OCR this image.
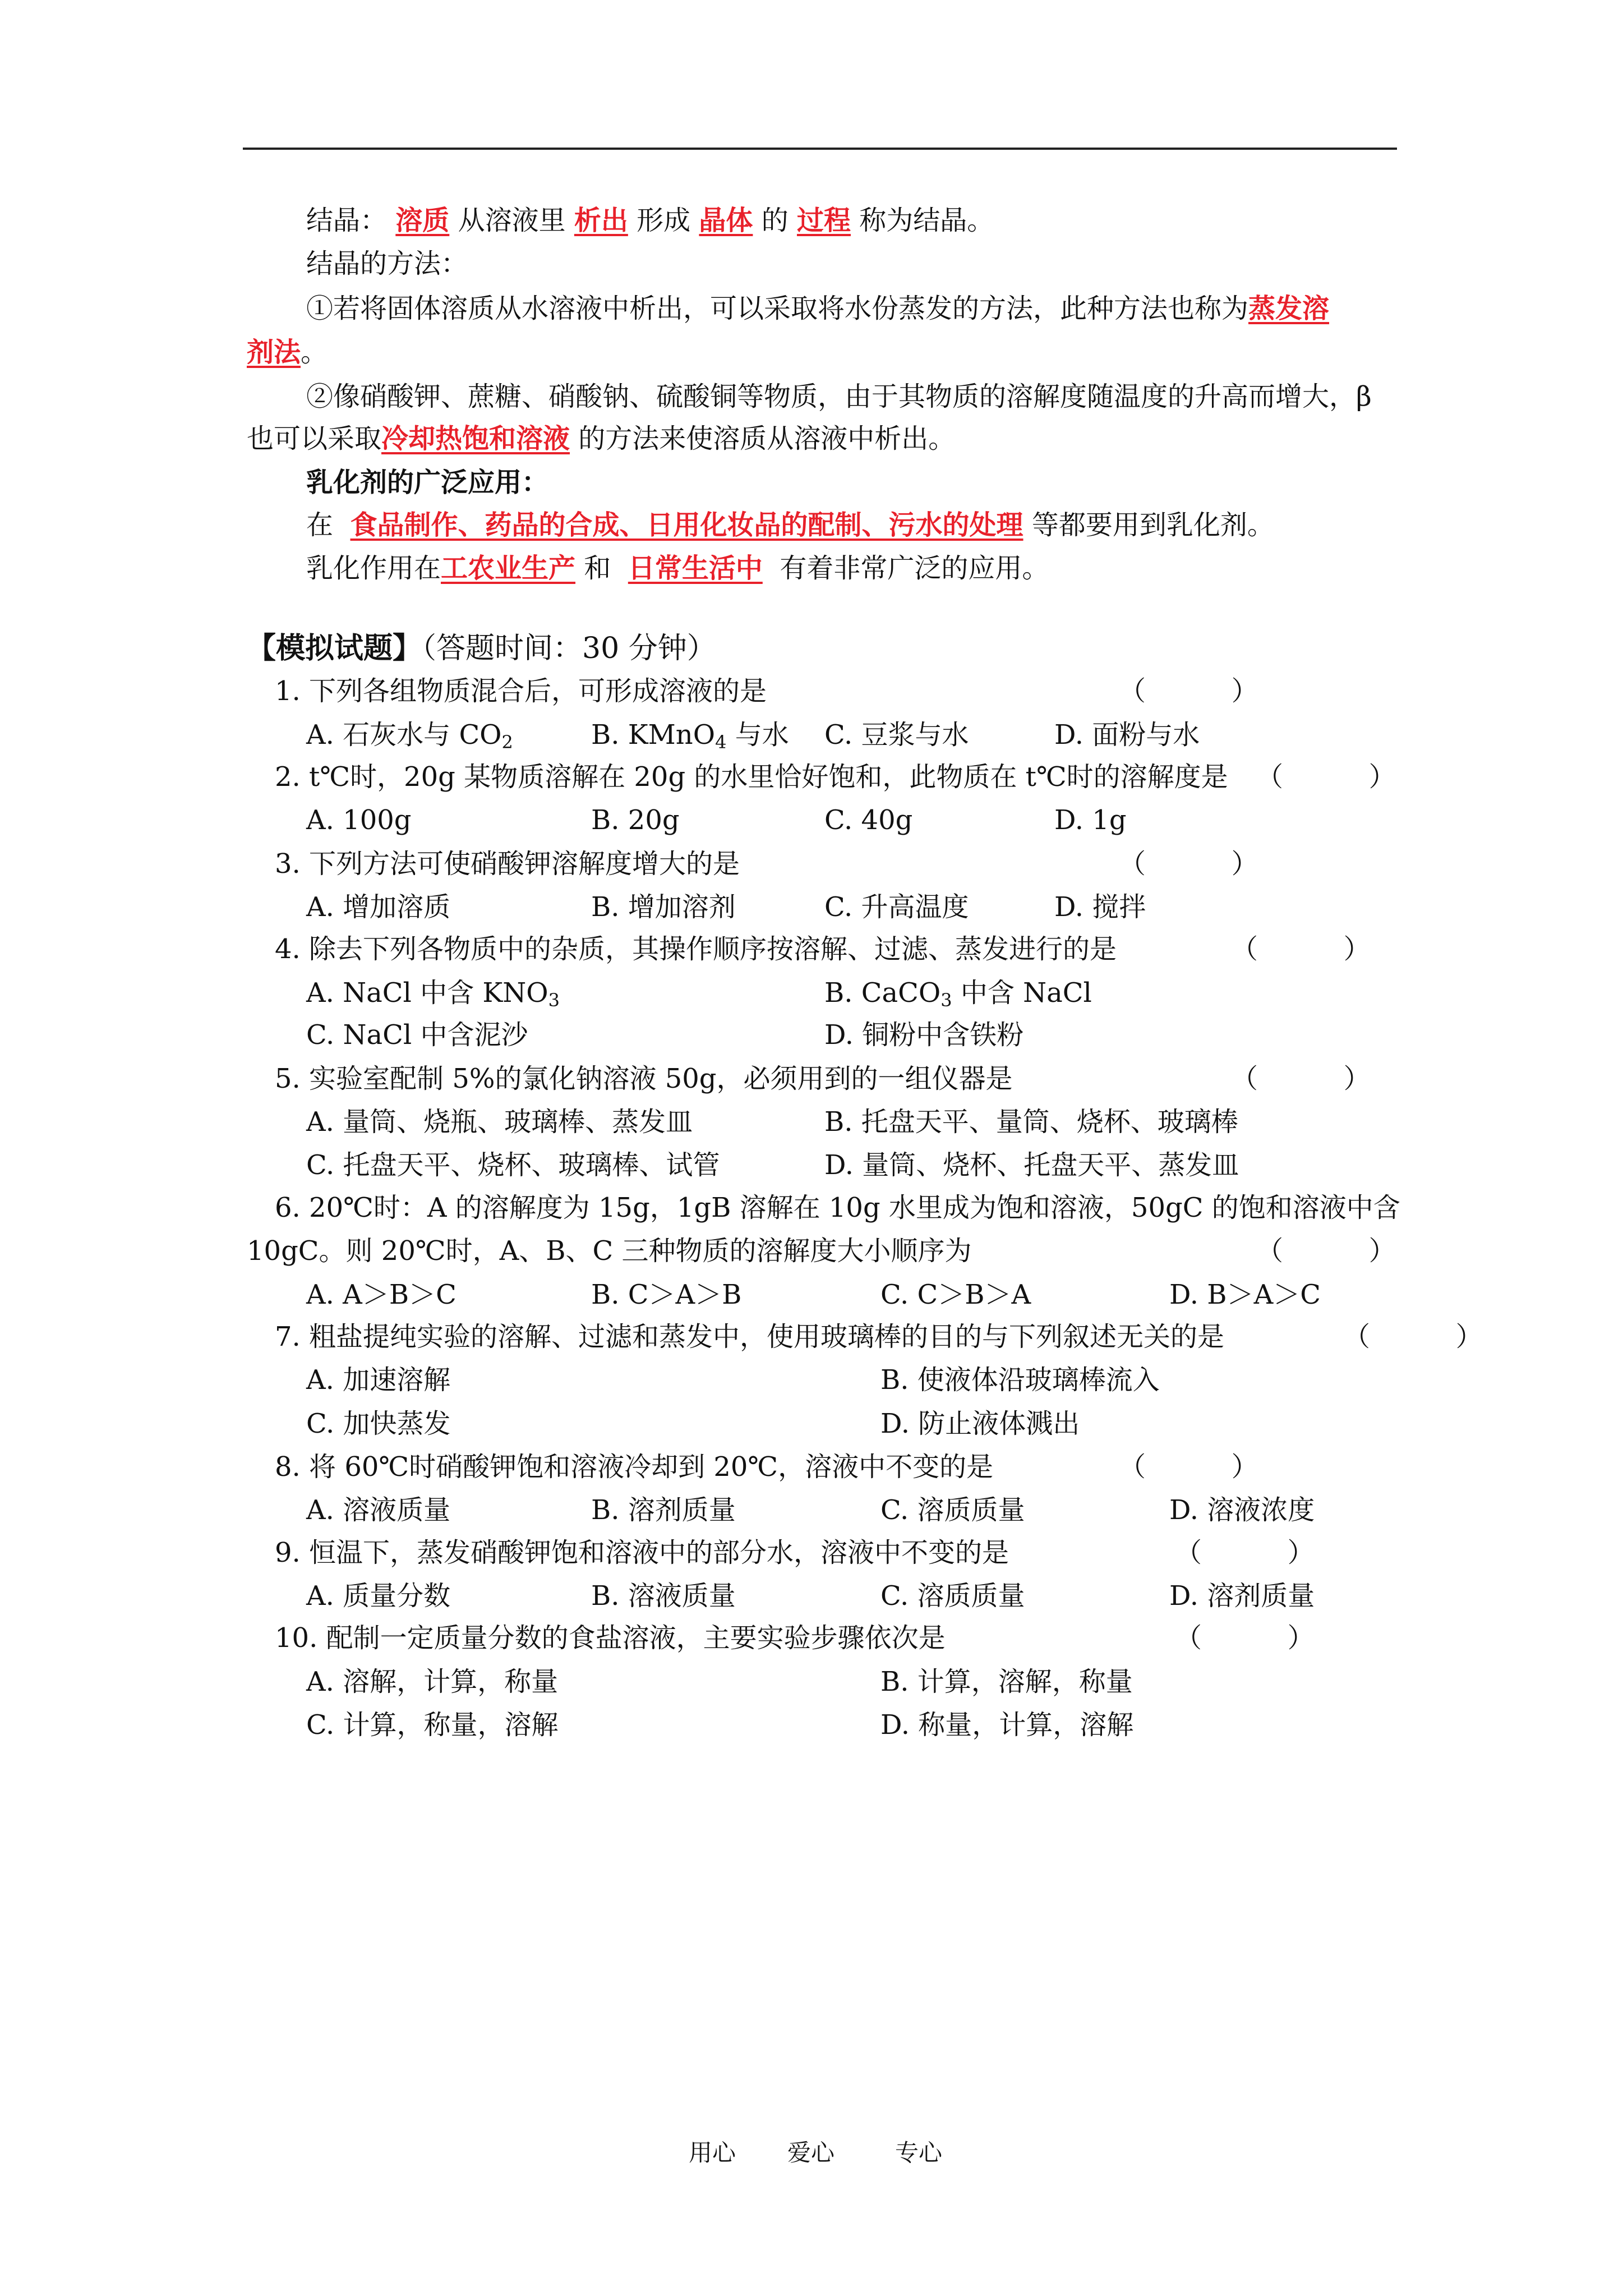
结晶： 溶质 从溶液里 析出 形成 晶体 的 过程 称为结晶。
结晶的方法：
①若将固体溶质从水溶液中析出，可以采取将水份蒸发的方法，此种方法也称为蒸发溶
剂法。
②像硝酸钾、蔗糖、硝酸钠、硫酸铜等物质，由于其物质的溶解度随温度的升高而增大，β
也可以采取冷却热饱和溶液 的方法来使溶质从溶液中析出。
乳化剂的广泛应用：
在 食品制作、药品的合成、日用化妆品的配制、污水的处理 等都要用到乳化剂。
乳化作用在工农业生产 和 日常生活中 有着非常广泛的应用。
【模拟试题】（答题时间：30 分钟）
1. 下列各组物质混合后，可形成溶液的是	（          ）
A. 石灰水与 $CO_2$	B. KMnO$_4$ 与水 C. 豆浆与水	D. 面粉与水
2. t℃时，20g 某物质溶解在 20g 的水里恰好饱和，此物质在 t℃时的溶解度是 （          ）
A. 100g	B. 20g	C. 40g	D. 1g
3. 下列方法可使硝酸钾溶解度增大的是	（          ）
A. 增加溶质	B. 增加溶剂	C. 升高温度	D. 搅拌
4. 除去下列各物质中的杂质，其操作顺序按溶解、过滤、蒸发进行的是	（          ）
A. NaCl 中含 $KNO_3$	B. CaCO$_3$ 中含 NaCl
C. NaCl 中含泥沙	D. 铜粉中含铁粉
5. 实验室配制 5%的氯化钠溶液 50g，必须用到的一组仪器是	（          ）
A. 量筒、烧瓶、玻璃棒、蒸发皿	B. 托盘天平、量筒、烧杯、玻璃棒
C. 托盘天平、烧杯、玻璃棒、试管	D. 量筒、烧杯、托盘天平、蒸发皿
6. 20℃时：A 的溶解度为 15g，1gB 溶解在 10g 水里成为饱和溶液，50gC 的饱和溶液中含
10gC。则 20℃时，A、B、C 三种物质的溶解度大小顺序为	（          ）
A. A＞B＞C	B. C＞A＞B	C. C＞B＞A	D. B＞A＞C
7. 粗盐提纯实验的溶解、过滤和蒸发中，使用玻璃棒的目的与下列叙述无关的是	（          ）
A. 加速溶解	B. 使液体沿玻璃棒流入
C. 加快蒸发	D. 防止液体溅出
8. 将 60℃时硝酸钾饱和溶液冷却到 20℃，溶液中不变的是	（          ）
A. 溶液质量	B. 溶剂质量	C. 溶质质量	D. 溶液浓度
9. 恒温下，蒸发硝酸钾饱和溶液中的部分水，溶液中不变的是	（          ）
A. 质量分数	B. 溶液质量	C. 溶质质量	D. 溶剂质量
10. 配制一定质量分数的食盐溶液，主要实验步骤依次是	（          ）
A. 溶解，计算，称量	B. 计算，溶解，称量
C. 计算，称量，溶解	D. 称量，计算，溶解
用心 爱心	专心
